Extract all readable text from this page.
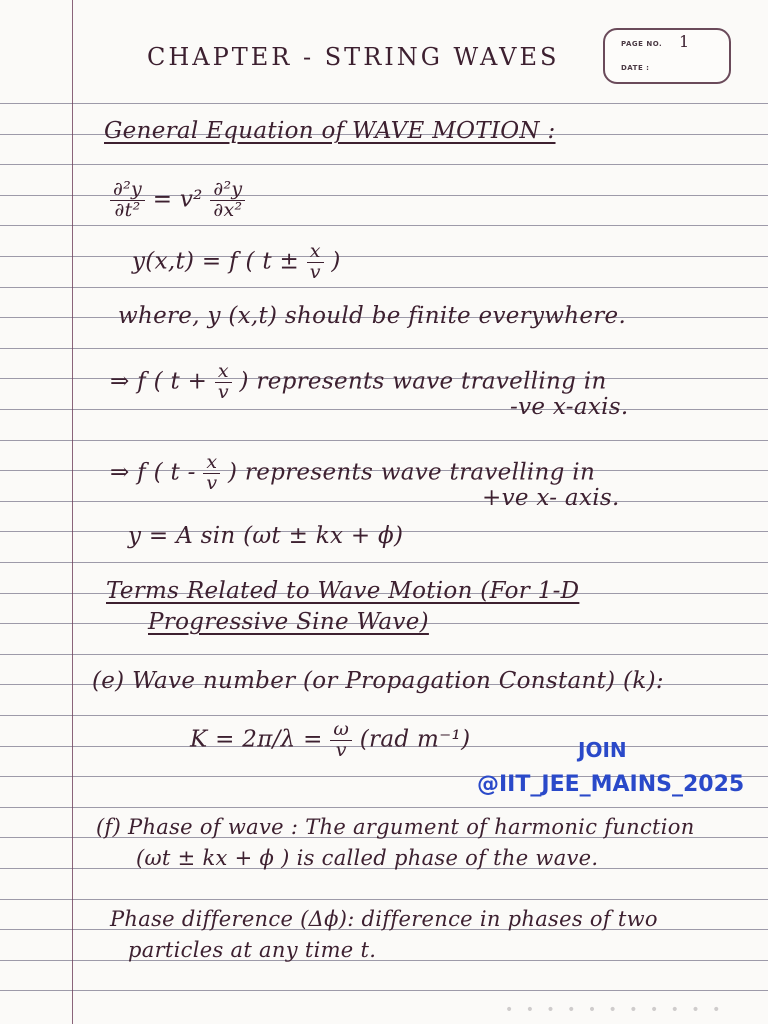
CHAPTER - STRING WAVES	PAGE NO. 1
DATE :
General Equation of WAVE MOTION :
$\frac{\text{∂²y}}{\text{∂t²}} = v^2 \frac{\text{∂²y}}{\text{∂x²}}$
y(x,t) = f ( $t \pm \frac{x}{v}$ )
where, y (x,t) should be finite everywhere.
⇒ f ( $t + \frac{x}{v}$ ) represents wave travelling in
-ve x-axis.
⇒ f ( t - $\frac{x}{v}$ ) represents wave travelling in
+ve x- axis.
y = A sin (ωt ± kx + ϕ)
Terms Related to Wave Motion (For 1-D
Progressive Sine Wave)
(e) Wave number (or Propagation Constant) (k):
$K = 2\pi/\lambda = \frac{\omega}{v} (rad$ m⁻¹)	JOIN
@IIT_JEE_MAINS_2025
(f) Phase of wave : The argument of harmonic function
(ωt ± kx + ϕ ) is called phase of the wave.
Phase difference (Δϕ): difference in phases of two
particles at any time t.
• • • • • • • • • • •
